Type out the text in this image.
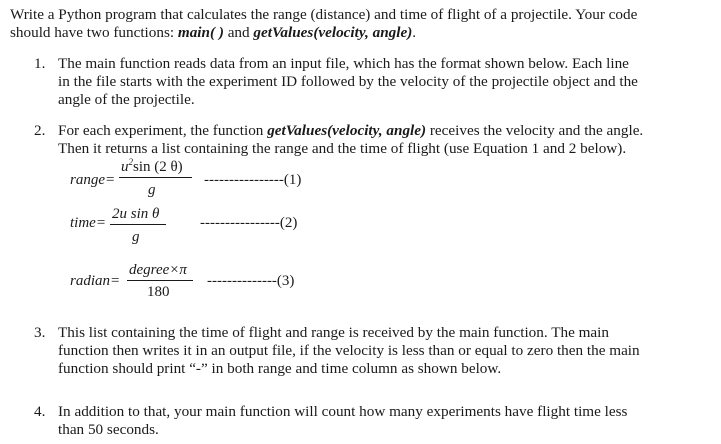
Write a Python program that calculates the range (distance) and time of flight of a projectile. Your code
should have two functions: main( ) and getValues(velocity, angle).
1. The main function reads data from an input file, which has the format shown below. Each line
in the file starts with the experiment ID followed by the velocity of the projectile object and the
angle of the projectile.
2. For each experiment, the function getValues(velocity, angle) receives the velocity and the angle.
Then it returns a list containing the range and the time of flight (use Equation 1 and 2 below).
range=
$u^2\sin$ (2 θ)
g
----------------(1)
time=
2u sin θ
g
----------------(2)
radian=
degree×π
180
--------------(3)
3. This list containing the time of flight and range is received by the main function. The main
function then writes it in an output file, if the velocity is less than or equal to zero then the main
function should print “-” in both range and time column as shown below.
4. In addition to that, your main function will count how many experiments have flight time less
than 50 seconds.
